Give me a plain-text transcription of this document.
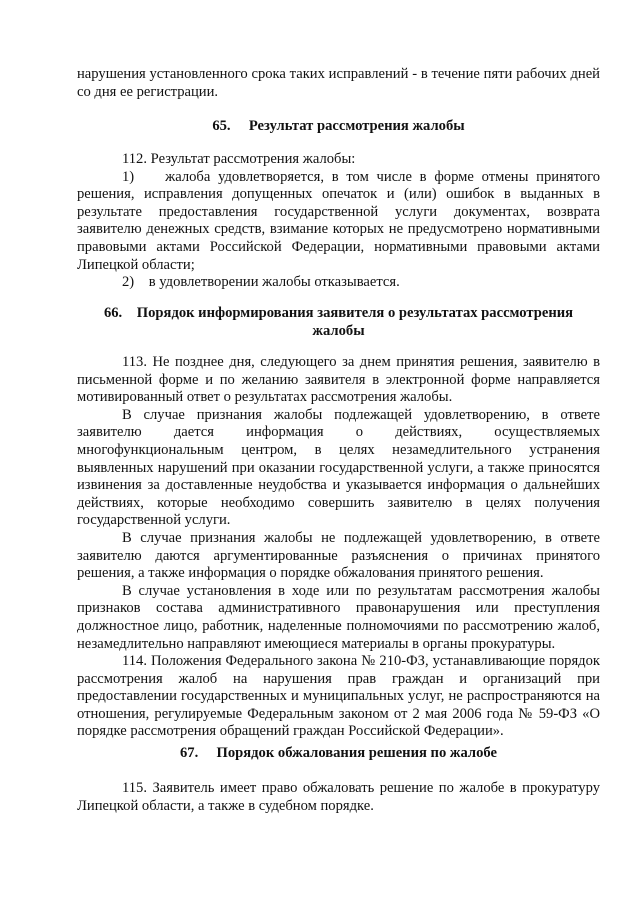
нарушения установленного срока таких исправлений - в течение пяти рабочих дней со дня ее регистрации.

65. Результат рассмотрения жалобы
112. Результат рассмотрения жалобы:
1) жалоба удовлетворяется, в том числе в форме отмены принятого решения, исправления допущенных опечаток и (или) ошибок в выданных в результате предоставления государственной услуги документах, возврата заявителю денежных средств, взимание которых не предусмотрено нормативными правовыми актами Российской Федерации, нормативными правовыми актами Липецкой области;
2) в удовлетворении жалобы отказывается.
66. Порядок информирования заявителя о результатах рассмотрения
жалобы
113. Не позднее дня, следующего за днем принятия решения, заявителю в письменной форме и по желанию заявителя в электронной форме направляется мотивированный ответ о результатах рассмотрения жалобы.
В случае признания жалобы подлежащей удовлетворению, в ответе заявителю дается информация о действиях, осуществляемых многофункциональным центром, в целях незамедлительного устранения выявленных нарушений при оказании государственной услуги, а также приносятся извинения за доставленные неудобства и указывается информация о дальнейших действиях, которые необходимо совершить заявителю в целях получения государственной услуги.
В случае признания жалобы не подлежащей удовлетворению, в ответе заявителю даются аргументированные разъяснения о причинах принятого решения, а также информация о порядке обжалования принятого решения.
В случае установления в ходе или по результатам рассмотрения жалобы признаков состава административного правонарушения или преступления должностное лицо, работник, наделенные полномочиями по рассмотрению жалоб, незамедлительно направляют имеющиеся материалы в органы прокуратуры.
114. Положения Федерального закона № 210-ФЗ, устанавливающие порядок рассмотрения жалоб на нарушения прав граждан и организаций при предоставлении государственных и муниципальных услуг, не распространяются на отношения, регулируемые Федеральным законом от 2 мая 2006 года № 59-ФЗ «О порядке рассмотрения обращений граждан Российской Федерации».
67. Порядок обжалования решения по жалобе

115. Заявитель имеет право обжаловать решение по жалобе в прокуратуру Липецкой области, а также в судебном порядке.
